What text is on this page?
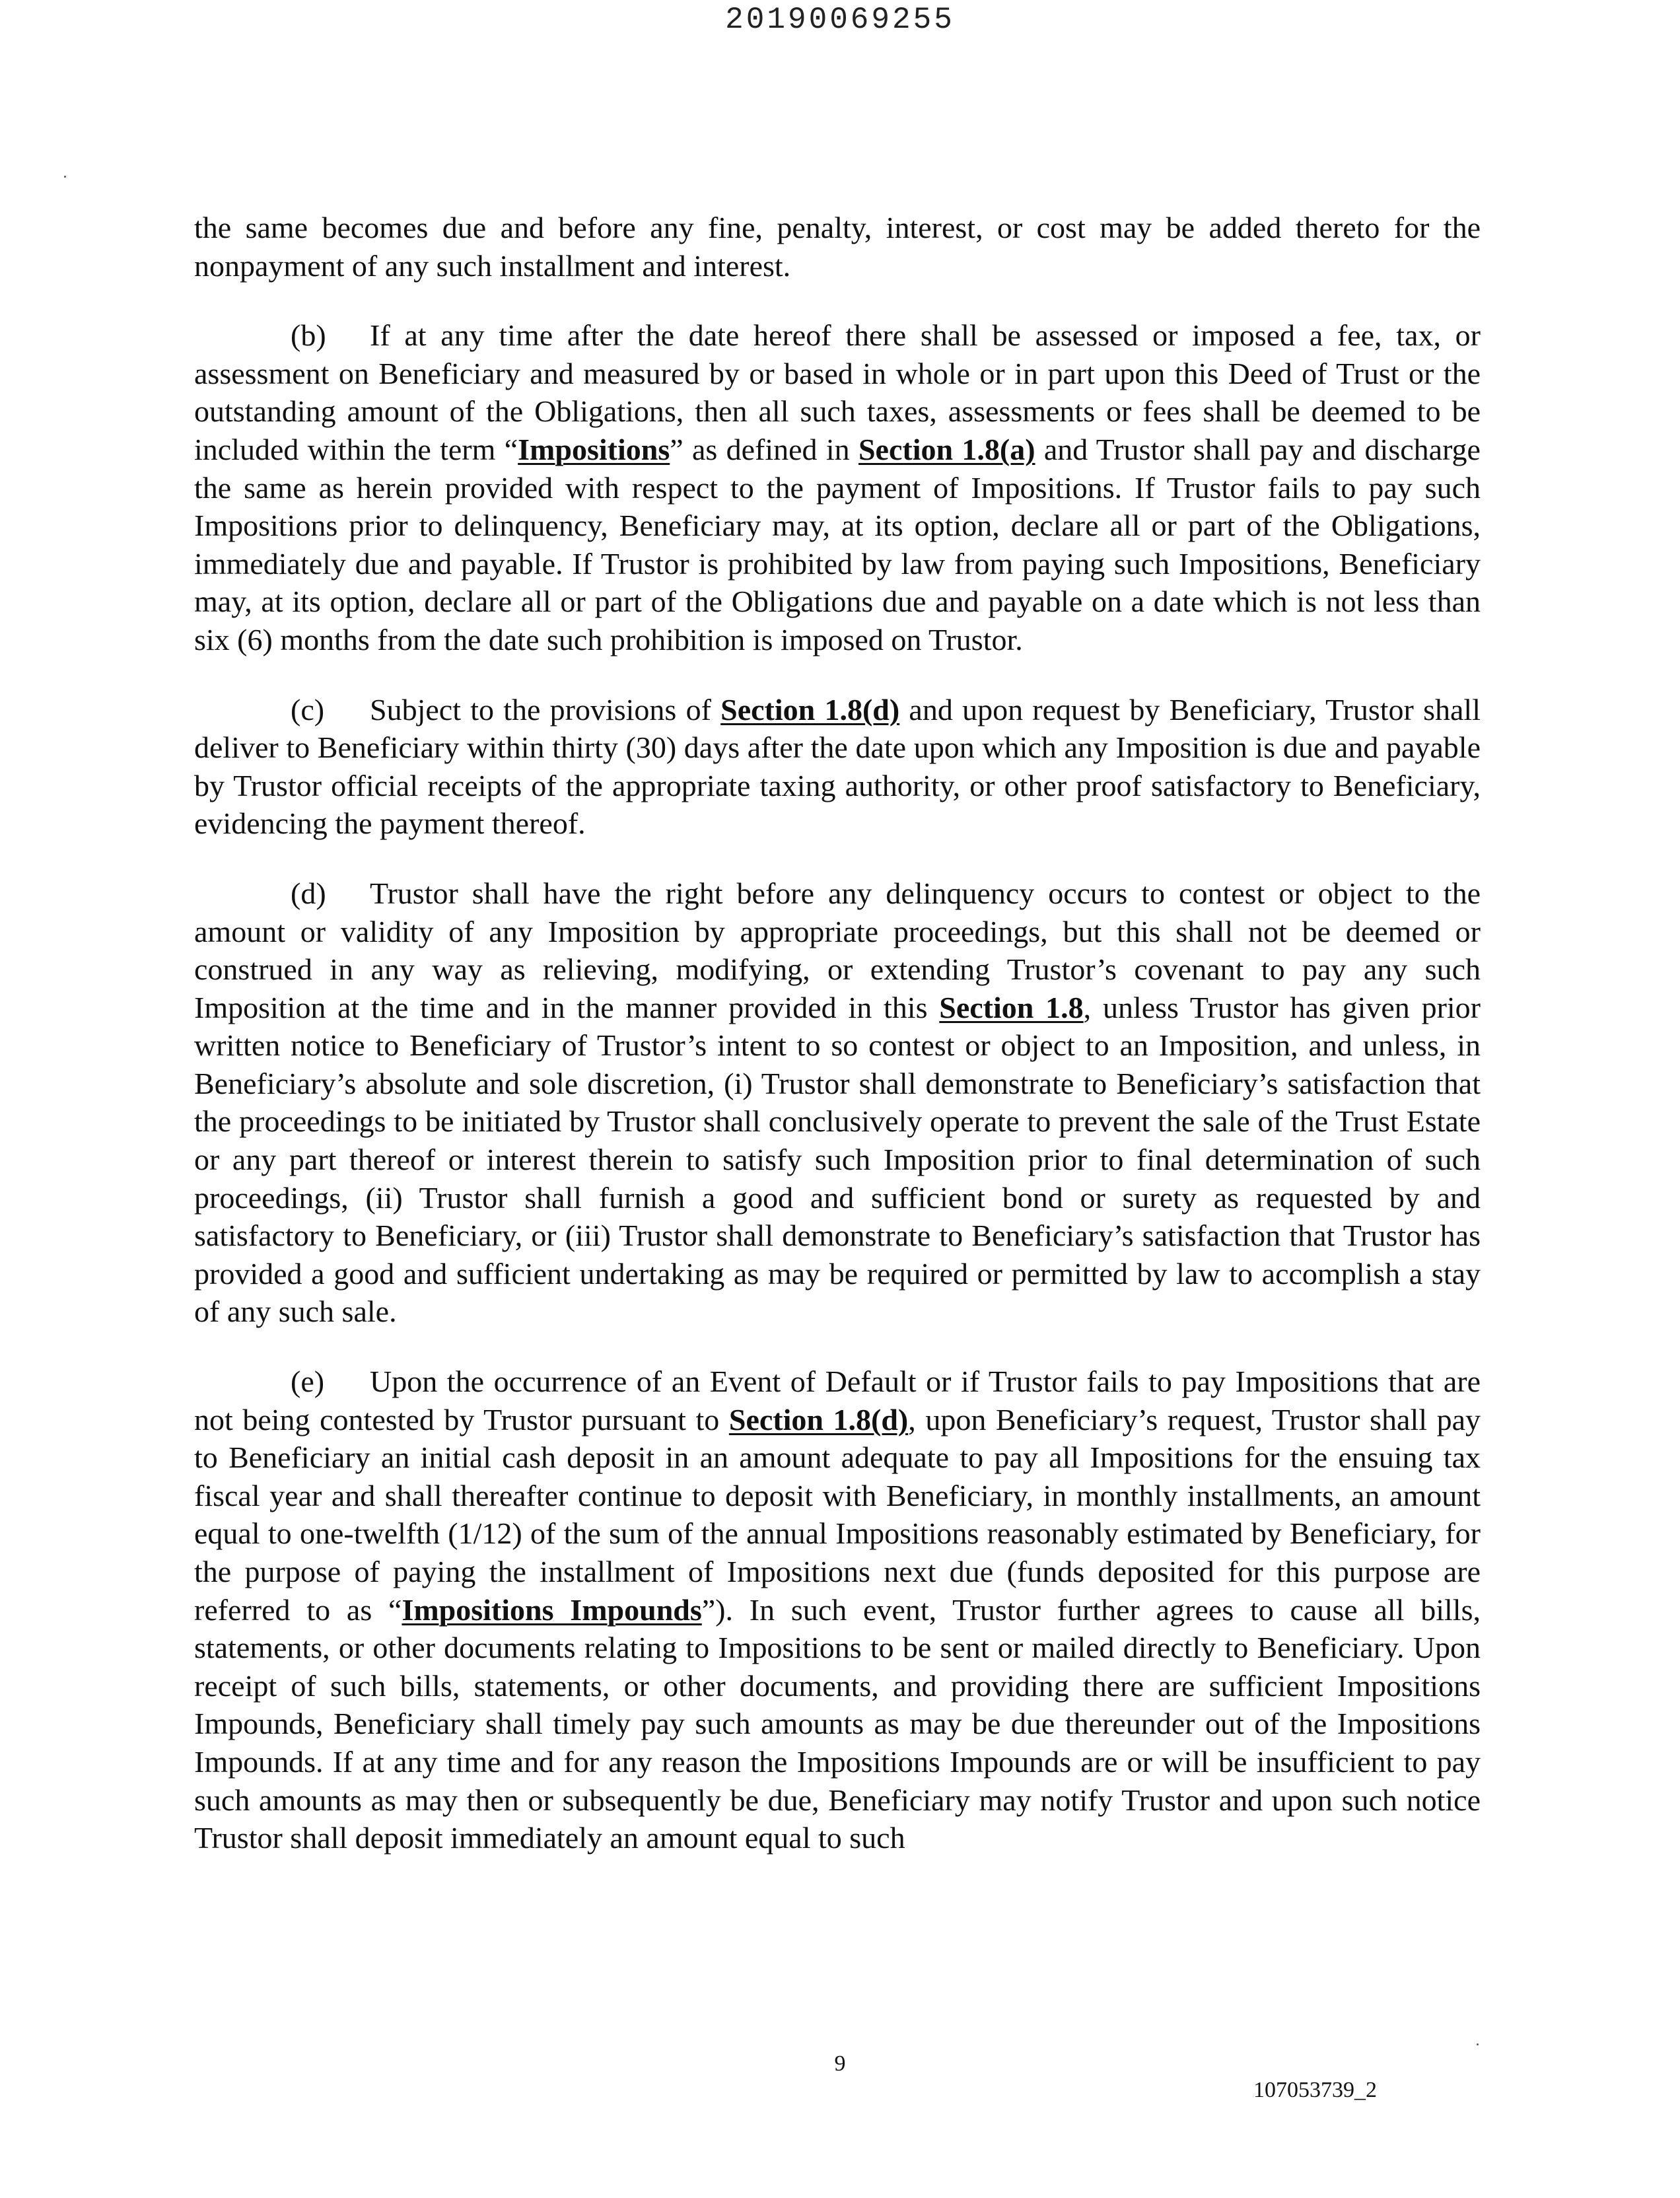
20190069255

the same becomes due and before any fine, penalty, interest, or cost may be added thereto for the nonpayment of any such installment and interest.

(b) If at any time after the date hereof there shall be assessed or imposed a fee, tax, or assessment on Beneficiary and measured by or based in whole or in part upon this Deed of Trust or the outstanding amount of the Obligations, then all such taxes, assessments or fees shall be deemed to be included within the term “Impositions” as defined in Section 1.8(a) and Trustor shall pay and discharge the same as herein provided with respect to the payment of Impositions. If Trustor fails to pay such Impositions prior to delinquency, Beneficiary may, at its option, declare all or part of the Obligations, immediately due and payable. If Trustor is prohibited by law from paying such Impositions, Beneficiary may, at its option, declare all or part of the Obligations due and payable on a date which is not less than six (6) months from the date such prohibition is imposed on Trustor.

(c) Subject to the provisions of Section 1.8(d) and upon request by Beneficiary, Trustor shall deliver to Beneficiary within thirty (30) days after the date upon which any Imposition is due and payable by Trustor official receipts of the appropriate taxing authority, or other proof satisfactory to Beneficiary, evidencing the payment thereof.

(d) Trustor shall have the right before any delinquency occurs to contest or object to the amount or validity of any Imposition by appropriate proceedings, but this shall not be deemed or construed in any way as relieving, modifying, or extending Trustor’s covenant to pay any such Imposition at the time and in the manner provided in this Section 1.8, unless Trustor has given prior written notice to Beneficiary of Trustor’s intent to so contest or object to an Imposition, and unless, in Beneficiary’s absolute and sole discretion, (i) Trustor shall demonstrate to Beneficiary’s satisfaction that the proceedings to be initiated by Trustor shall conclusively operate to prevent the sale of the Trust Estate or any part thereof or interest therein to satisfy such Imposition prior to final determination of such proceedings, (ii) Trustor shall furnish a good and sufficient bond or surety as requested by and satisfactory to Beneficiary, or (iii) Trustor shall demonstrate to Beneficiary’s satisfaction that Trustor has provided a good and sufficient undertaking as may be required or permitted by law to accomplish a stay of any such sale.

(e) Upon the occurrence of an Event of Default or if Trustor fails to pay Impositions that are not being contested by Trustor pursuant to Section 1.8(d), upon Beneficiary’s request, Trustor shall pay to Beneficiary an initial cash deposit in an amount adequate to pay all Impositions for the ensuing tax fiscal year and shall thereafter continue to deposit with Beneficiary, in monthly installments, an amount equal to one-twelfth (1/12) of the sum of the annual Impositions reasonably estimated by Beneficiary, for the purpose of paying the installment of Impositions next due (funds deposited for this purpose are referred to as “Impositions Impounds”). In such event, Trustor further agrees to cause all bills, statements, or other documents relating to Impositions to be sent or mailed directly to Beneficiary. Upon receipt of such bills, statements, or other documents, and providing there are sufficient Impositions Impounds, Beneficiary shall timely pay such amounts as may be due thereunder out of the Impositions Impounds. If at any time and for any reason the Impositions Impounds are or will be insufficient to pay such amounts as may then or subsequently be due, Beneficiary may notify Trustor and upon such notice Trustor shall deposit immediately an amount equal to such

9
107053739_2
